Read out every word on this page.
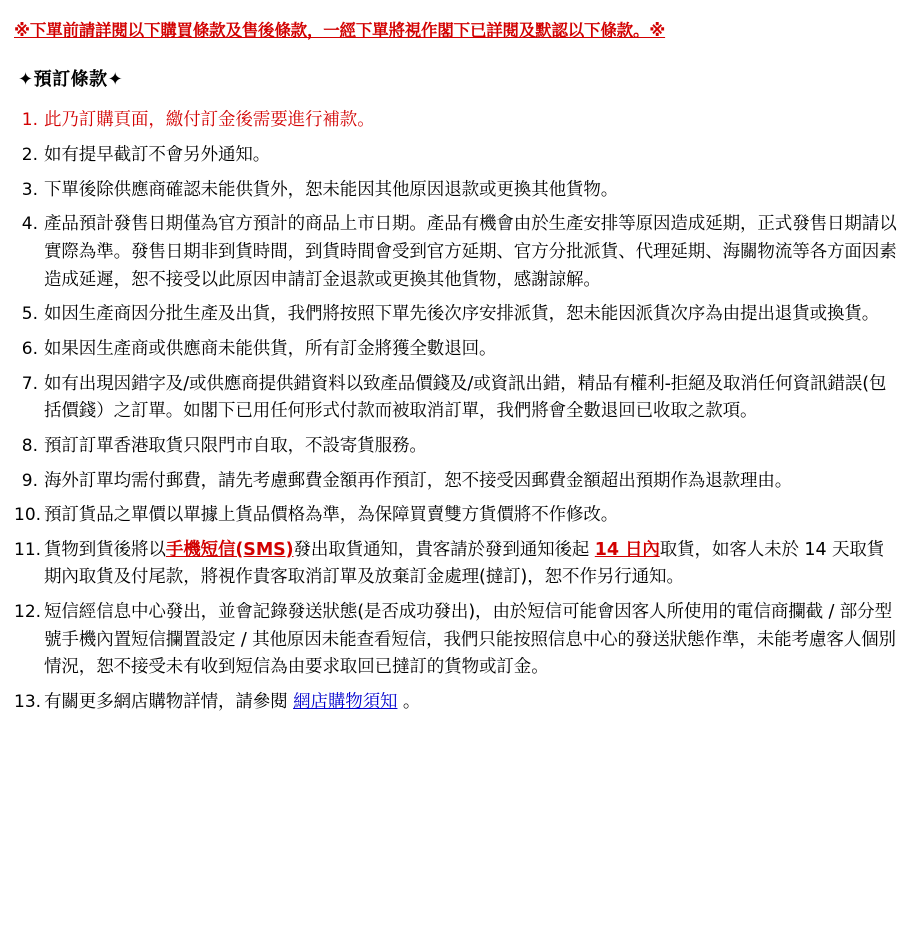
※下單前請詳閱以下購買條款及售後條款，一經下單將視作閣下已詳閱及默認以下條款。※
✦預訂條款✦
1. 此乃訂購頁面，繳付訂金後需要進行補款。
2. 如有提早截訂不會另外通知。
3. 下單後除供應商確認未能供貨外，恕未能因其他原因退款或更換其他貨物。
4. 產品預計發售日期僅為官方預計的商品上市日期。產品有機會由於生產安排等原因造成延期，正式發售日期請以實際為準。發售日期非到貨時間，到貨時間會受到官方延期、官方分批派貨、代理延期、海關物流等各方面因素造成延遲，恕不接受以此原因申請訂金退款或更換其他貨物，感謝諒解。
5. 如因生產商因分批生產及出貨，我們將按照下單先後次序安排派貨，恕未能因派貨次序為由提出退貨或換貨。
6. 如果因生產商或供應商未能供貨，所有訂金將獲全數退回。
7. 如有出現因錯字及/或供應商提供錯資料以致產品價錢及/或資訊出錯，精品有權利-拒絕及取消任何資訊錯誤(包括價錢）之訂單。如閣下已用任何形式付款而被取消訂單，我們將會全數退回已收取之款項。
8. 預訂訂單香港取貨只限門市自取，不設寄貨服務。
9. 海外訂單均需付郵費，請先考慮郵費金額再作預訂，恕不接受因郵費金額超出預期作為退款理由。
10. 預訂貨品之單價以單據上貨品價格為準，為保障買賣雙方貨價將不作修改。
11. 貨物到貨後將以手機短信(SMS)發出取貨通知，貴客請於發到通知後起 14 日內取貨，如客人未於 14 天取貨期內取貨及付尾款，將視作貴客取消訂單及放棄訂金處理(撻訂)，恕不作另行通知。
12. 短信經信息中心發出，並會記錄發送狀態(是否成功發出)，由於短信可能會因客人所使用的電信商攔截 / 部分型號手機內置短信攔置設定 / 其他原因未能查看短信，我們只能按照信息中心的發送狀態作準，未能考慮客人個別情況，恕不接受未有收到短信為由要求取回已撻訂的貨物或訂金。
13. 有關更多網店購物詳情，請參閱 網店購物須知 。
